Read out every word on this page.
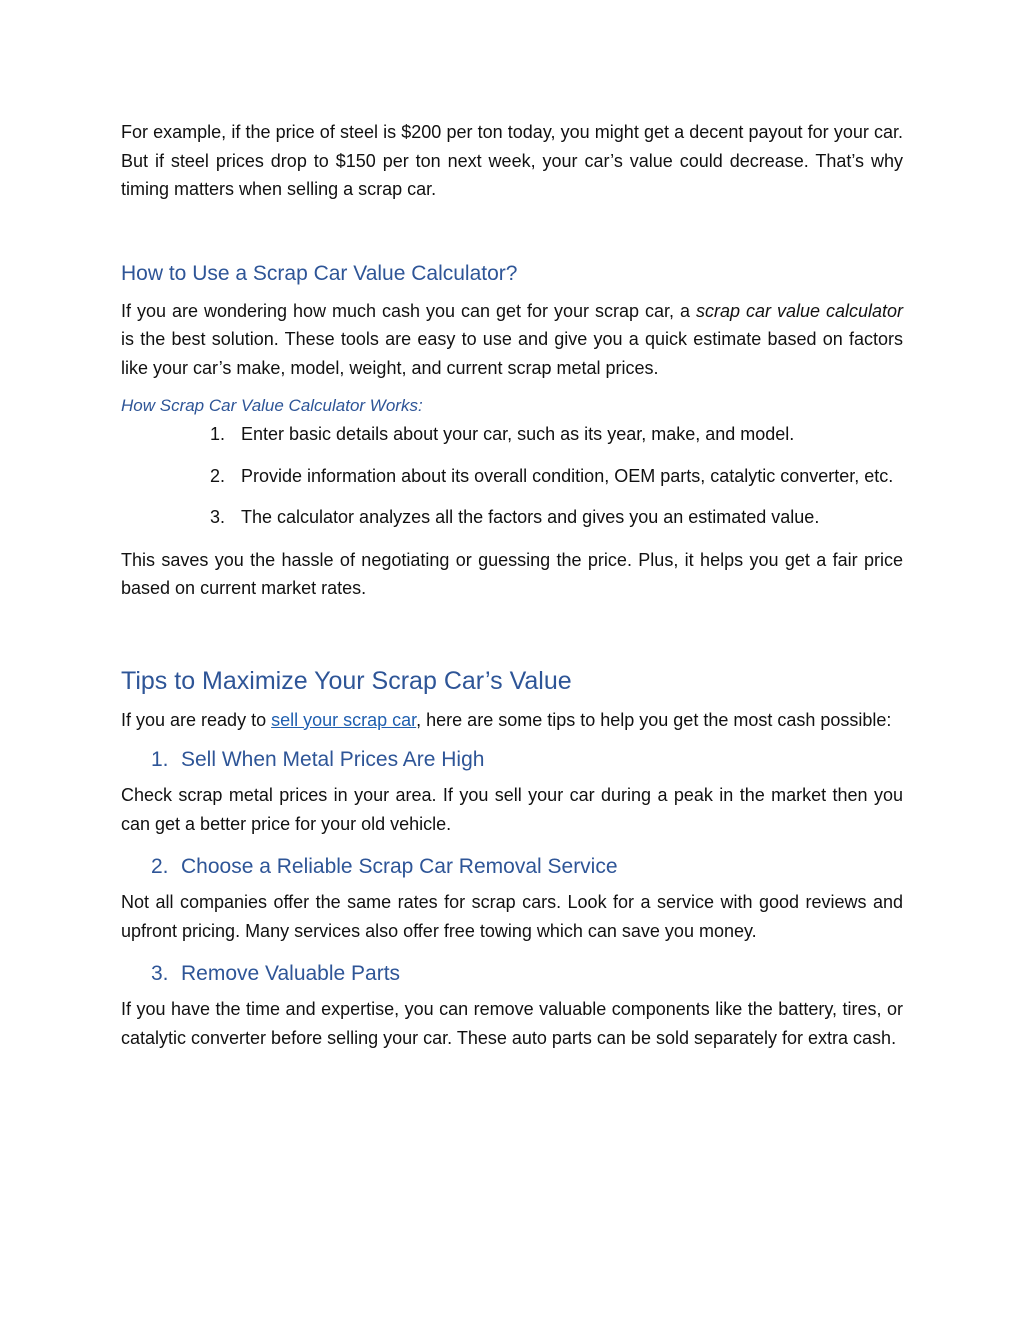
For example, if the price of steel is $200 per ton today, you might get a decent payout for your car. But if steel prices drop to $150 per ton next week, your car’s value could decrease. That’s why timing matters when selling a scrap car.

How to Use a Scrap Car Value Calculator?

If you are wondering how much cash you can get for your scrap car, a scrap car value calculator is the best solution. These tools are easy to use and give you a quick estimate based on factors like your car’s make, model, weight, and current scrap metal prices.

How Scrap Car Value Calculator Works:
1. Enter basic details about your car, such as its year, make, and model.
2. Provide information about its overall condition, OEM parts, catalytic converter, etc.
3. The calculator analyzes all the factors and gives you an estimated value.

This saves you the hassle of negotiating or guessing the price. Plus, it helps you get a fair price based on current market rates.

Tips to Maximize Your Scrap Car’s Value

If you are ready to sell your scrap car, here are some tips to help you get the most cash possible:

1. Sell When Metal Prices Are High

Check scrap metal prices in your area. If you sell your car during a peak in the market then you can get a better price for your old vehicle.

2. Choose a Reliable Scrap Car Removal Service

Not all companies offer the same rates for scrap cars. Look for a service with good reviews and upfront pricing. Many services also offer free towing which can save you money.

3. Remove Valuable Parts

If you have the time and expertise, you can remove valuable components like the battery, tires, or catalytic converter before selling your car. These auto parts can be sold separately for extra cash.
